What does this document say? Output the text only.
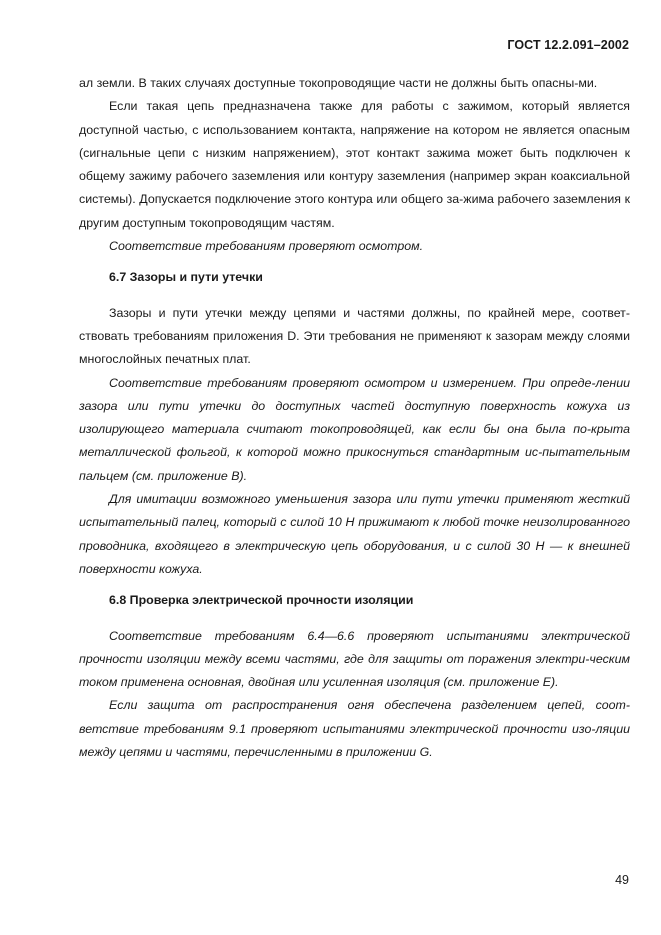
ГОСТ 12.2.091–2002

ал земли. В таких случаях доступные токопроводящие части не должны быть опасны-ми.

Если такая цепь предназначена также для работы с зажимом, который является доступной частью, с использованием контакта, напряжение на котором не является опасным (сигнальные цепи с низким напряжением), этот контакт зажима может быть подключен к общему зажиму рабочего заземления или контуру заземления (например экран коаксиальной системы). Допускается подключение этого контура или общего за-жима рабочего заземления к другим доступным токопроводящим частям.

Соответствие требованиям проверяют осмотром.

6.7 Зазоры и пути утечки

Зазоры и пути утечки между цепями и частями должны, по крайней мере, соответ-ствовать требованиям приложения D. Эти требования не применяют к зазорам между слоями многослойных печатных плат.

Соответствие требованиям проверяют осмотром и измерением. При опреде-лении зазора или пути утечки до доступных частей доступную поверхность кожуха из изолирующего материала считают токопроводящей, как если бы она была по-крыта металлической фольгой, к которой можно прикоснуться стандартным ис-пытательным пальцем (см. приложение В).

Для имитации возможного уменьшения зазора или пути утечки применяют жесткий испытательный палец, который с силой 10 Н прижимают к любой точке неизолированного проводника, входящего в электрическую цепь оборудования, и с силой 30 Н — к внешней поверхности кожуха.

6.8 Проверка электрической прочности изоляции

Соответствие требованиям 6.4—6.6 проверяют испытаниями электрической прочности изоляции между всеми частями, где для защиты от поражения электри-ческим током применена основная, двойная или усиленная изоляция (см. приложение Е).

Если защита от распространения огня обеспечена разделением цепей, соот-ветствие требованиям 9.1 проверяют испытаниями электрической прочности изо-ляции между цепями и частями, перечисленными в приложении G.

49
